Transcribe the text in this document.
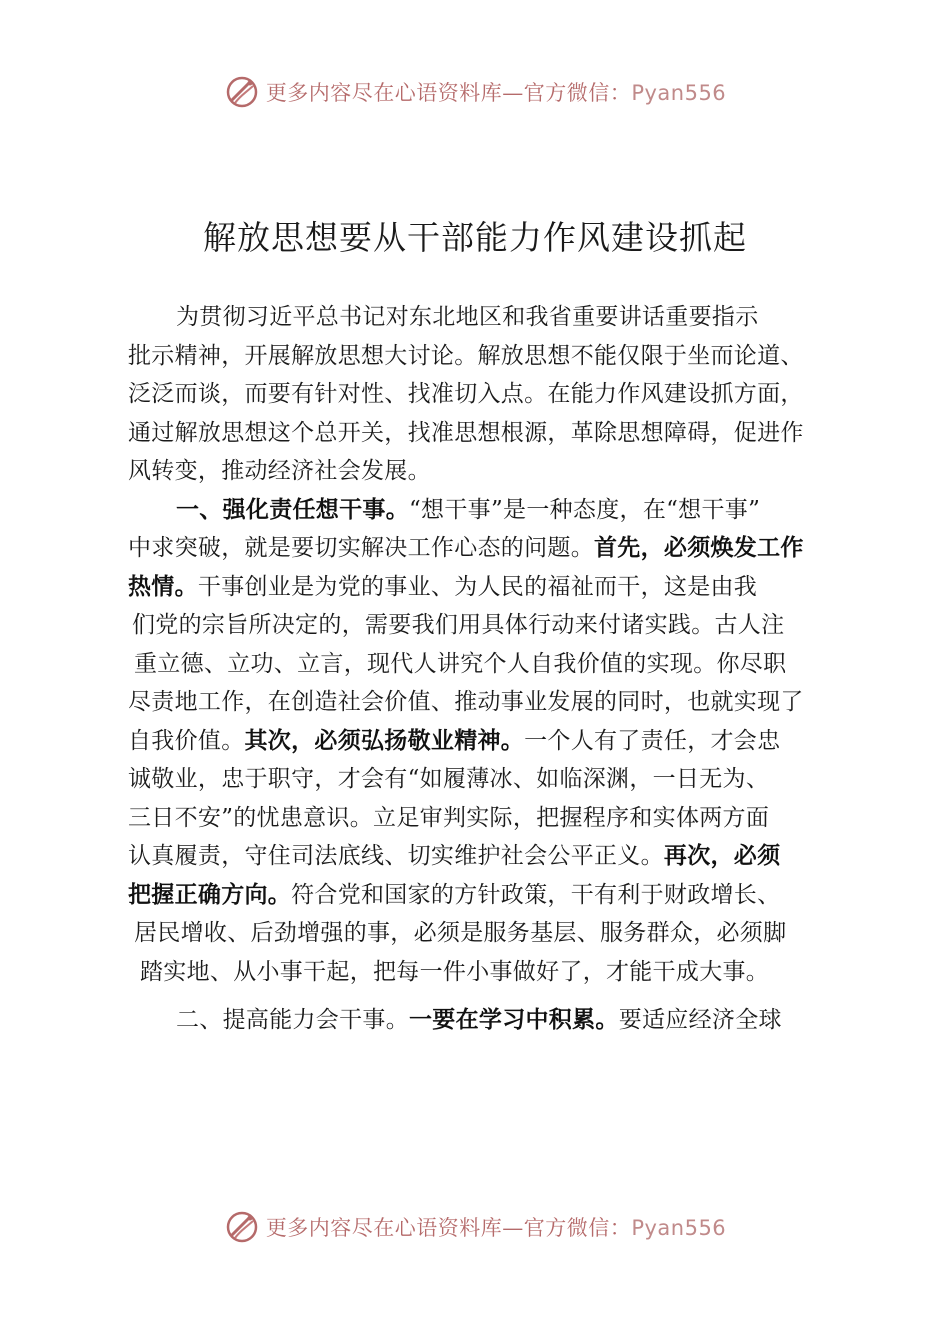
更多内容尽在心语资料库—官方微信：Pyan556
解放思想要从干部能力作风建设抓起
为贯彻习近平总书记对东北地区和我省重要讲话重要指示
批示精神，开展解放思想大讨论。解放思想不能仅限于坐而论道、
泛泛而谈，而要有针对性、找准切入点。在能力作风建设抓方面，
通过解放思想这个总开关，找准思想根源，革除思想障碍，促进作
风转变，推动经济社会发展。
一、强化责任想干事。“想干事”是一种态度，在“想干事”
中求突破，就是要切实解决工作心态的问题。首先，必须焕发工作
热情。干事创业是为党的事业、为人民的福祉而干，这是由我
们党的宗旨所决定的，需要我们用具体行动来付诸实践。古人注
重立德、立功、立言，现代人讲究个人自我价值的实现。你尽职
尽责地工作，在创造社会价值、推动事业发展的同时，也就实现了
自我价值。其次，必须弘扬敬业精神。一个人有了责任，才会忠
诚敬业，忠于职守，才会有“如履薄冰、如临深渊，一日无为、
三日不安”的忧患意识。立足审判实际，把握程序和实体两方面
认真履责，守住司法底线、切实维护社会公平正义。再次，必须
把握正确方向。符合党和国家的方针政策，干有利于财政增长、
居民增收、后劲增强的事，必须是服务基层、服务群众，必须脚
踏实地、从小事干起，把每一件小事做好了，才能干成大事。
二、提高能力会干事。一要在学习中积累。要适应经济全球
更多内容尽在心语资料库—官方微信：Pyan556
